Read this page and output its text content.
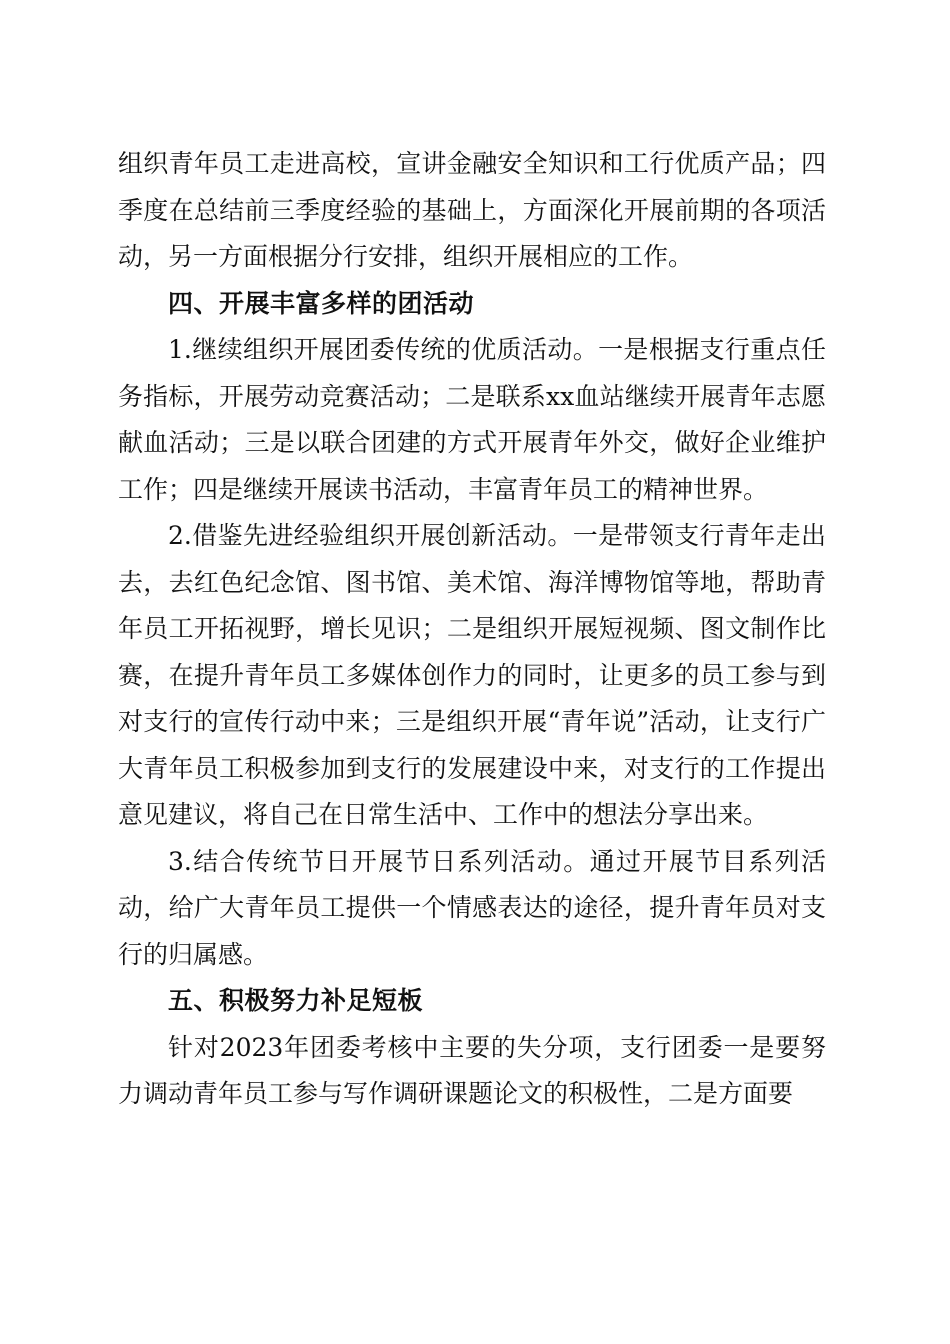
组织青年员工走进高校，宣讲金融安全知识和工行优质产品；四季度在总结前三季度经验的基础上，方面深化开展前期的各项活动，另一方面根据分行安排，组织开展相应的工作。

四、开展丰富多样的团活动

1.继续组织开展团委传统的优质活动。一是根据支行重点任务指标，开展劳动竞赛活动；二是联系xx血站继续开展青年志愿献血活动；三是以联合团建的方式开展青年外交，做好企业维护工作；四是继续开展读书活动，丰富青年员工的精神世界。

2.借鉴先进经验组织开展创新活动。一是带领支行青年走出去，去红色纪念馆、图书馆、美术馆、海洋博物馆等地，帮助青年员工开拓视野，增长见识；二是组织开展短视频、图文制作比赛，在提升青年员工多媒体创作力的同时，让更多的员工参与到对支行的宣传行动中来；三是组织开展“青年说”活动，让支行广大青年员工积极参加到支行的发展建设中来，对支行的工作提出意见建议，将自己在日常生活中、工作中的想法分享出来。

3.结合传统节日开展节日系列活动。通过开展节目系列活动，给广大青年员工提供一个情感表达的途径，提升青年员对支行的归属感。

五、积极努力补足短板

针对2023年团委考核中主要的失分项，支行团委一是要努力调动青年员工参与写作调研课题论文的积极性，二是方面要
